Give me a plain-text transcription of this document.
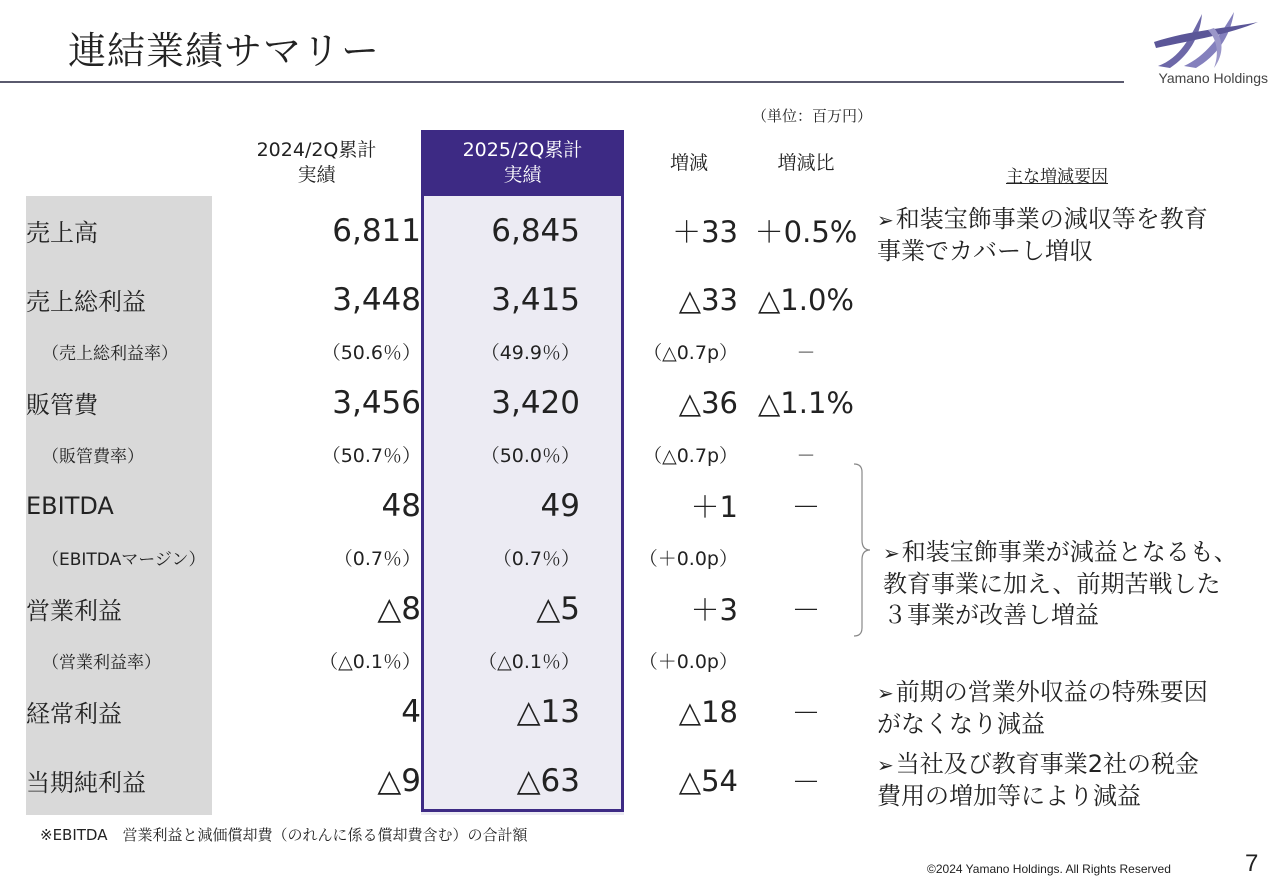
連結業績サマリー
Yamano Holdings
（単位：百万円）
	2024/2Q累計
実績	2025/2Q累計
実績	増減	増減比
売上高	6,811	6,845	＋33	＋0.5%
売上総利益	3,448	3,415	△33	△1.0%
（売上総利益率）	（50.6％）	（49.9％）	（△0.7p）	－
販管費	3,456	3,420	△36	△1.1%
（販管費率）	（50.7％）	（50.0％）	（△0.7p）	－
EBITDA	48	49	＋1	－
（EBITDAマージン）	（0.7％）	（0.7％）	（＋0.0p）	
営業利益	△8	△5	＋3	－
（営業利益率）	（△0.1％）	（△0.1％）	（＋0.0p）	
経常利益	4	△13	△18	－
当期純利益	△9	△63	△54	－
主な増減要因
➢和装宝飾事業の減収等を教育
事業でカバーし増収
➢和装宝飾事業が減益となるも、
教育事業に加え、前期苦戦した
３事業が改善し増益
➢前期の営業外収益の特殊要因
がなくなり減益
➢当社及び教育事業2社の税金
費用の増加等により減益
※EBITDA　営業利益と減価償却費（のれんに係る償却費含む）の合計額
©2024 Yamano Holdings. All Rights Reserved	7
